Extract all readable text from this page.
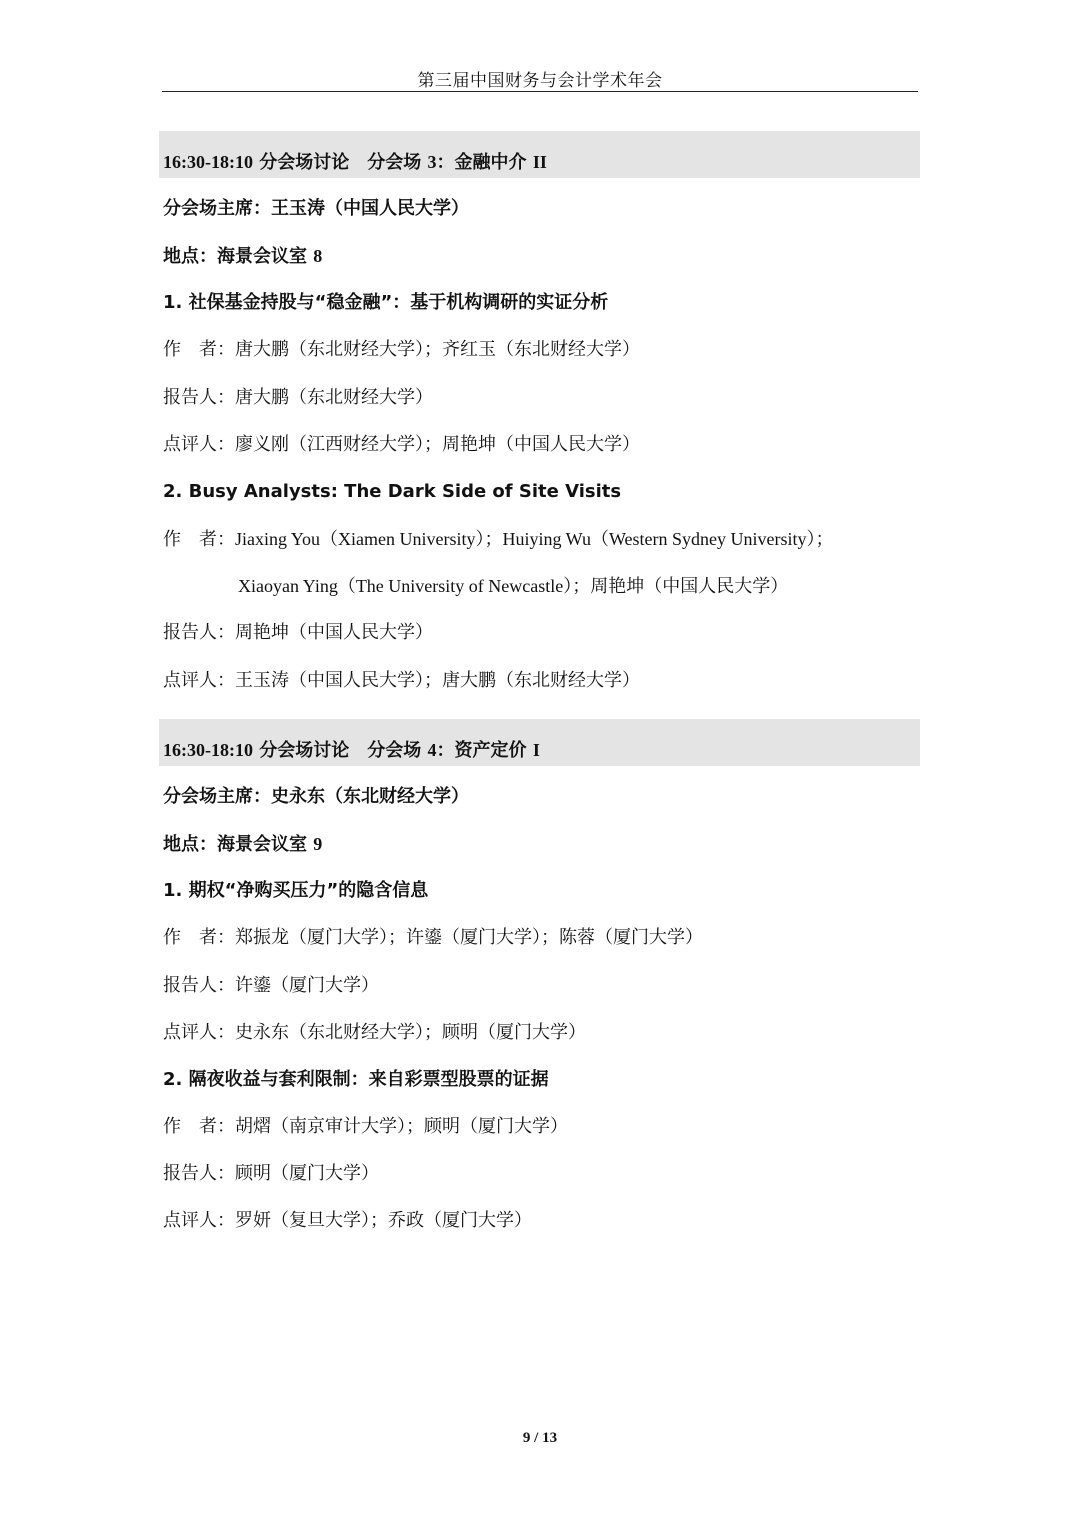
第三届中国财务与会计学术年会
16:30-18:10 分会场讨论 分会场 3：金融中介 II
分会场主席：王玉涛（中国人民大学）
地点：海景会议室 8
1. 社保基金持股与“稳金融”：基于机构调研的实证分析
作　者：唐大鹏（东北财经大学）；齐红玉（东北财经大学）
报告人：唐大鹏（东北财经大学）
点评人：廖义刚（江西财经大学）；周艳坤（中国人民大学）
2. Busy Analysts: The Dark Side of Site Visits
作　者：Jiaxing You（Xiamen University）；Huiying Wu（Western Sydney University）；
Xiaoyan Ying（The University of Newcastle）；周艳坤（中国人民大学）
报告人：周艳坤（中国人民大学）
点评人：王玉涛（中国人民大学）；唐大鹏（东北财经大学）
16:30-18:10 分会场讨论 分会场 4：资产定价 I
分会场主席：史永东（东北财经大学）
地点：海景会议室 9
1. 期权“净购买压力”的隐含信息
作　者：郑振龙（厦门大学）；许鎏（厦门大学）；陈蓉（厦门大学）
报告人：许鎏（厦门大学）
点评人：史永东（东北财经大学）；顾明（厦门大学）
2. 隔夜收益与套利限制：来自彩票型股票的证据
作　者：胡熠（南京审计大学）；顾明（厦门大学）
报告人：顾明（厦门大学）
点评人：罗妍（复旦大学）；乔政（厦门大学）
9 / 13
